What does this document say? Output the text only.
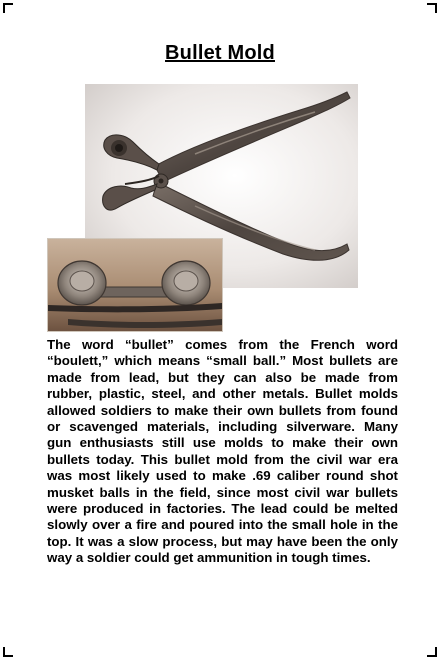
Bullet Mold
The word “bullet” comes from the French word “boulett,” which means “small ball.” Most bullets are made from lead, but they can also be made from rubber, plastic, steel, and other metals. Bullet molds allowed soldiers to make their own bullets from found or scavenged materials, including silverware. Many gun enthusiasts still use molds to make their own bullets today. This bullet mold from the civil war era was most likely used to make .69 caliber round shot musket balls in the field, since most civil war bullets were produced in factories. The lead could be melted slowly over a fire and poured into the small hole in the top. It was a slow process, but may have been the only way a soldier could get ammunition in tough times.
